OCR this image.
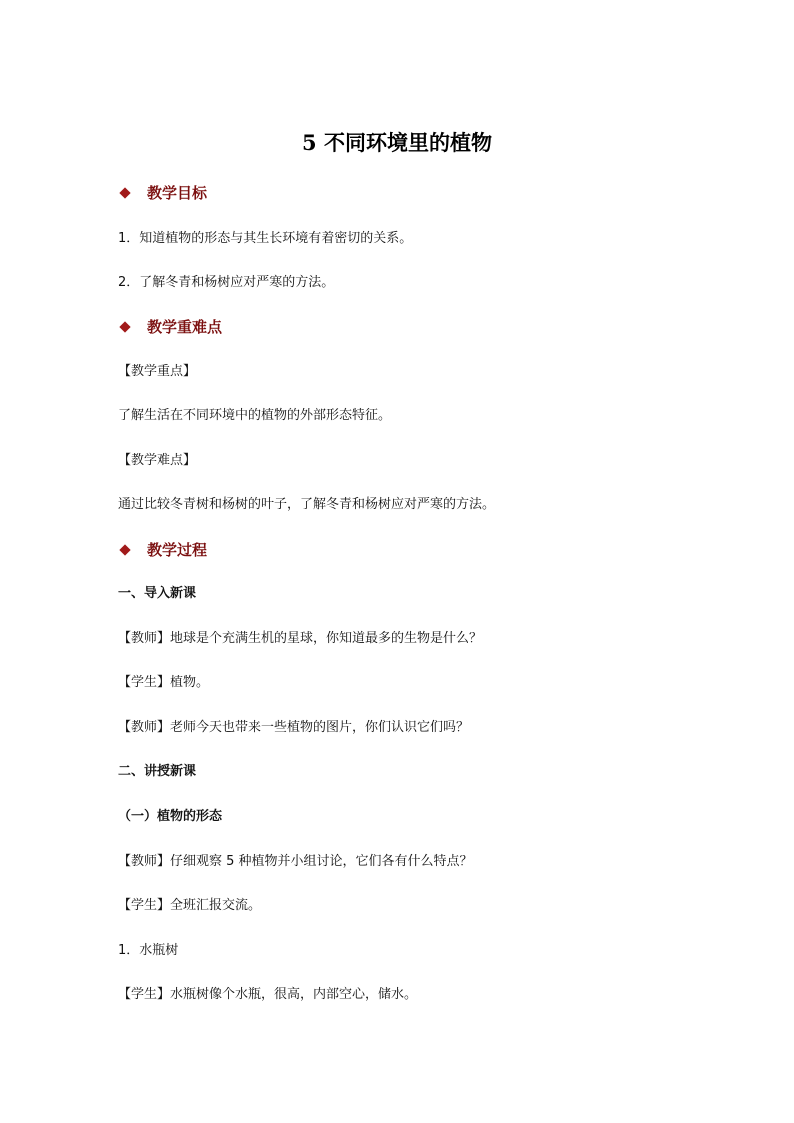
5 不同环境里的植物
教学目标
1．知道植物的形态与其生长环境有着密切的关系。
2．了解冬青和杨树应对严寒的方法。
教学重难点
【教学重点】
了解生活在不同环境中的植物的外部形态特征。
【教学难点】
通过比较冬青树和杨树的叶子，了解冬青和杨树应对严寒的方法。
教学过程
一、导入新课
【教师】地球是个充满生机的星球，你知道最多的生物是什么？
【学生】植物。
【教师】老师今天也带来一些植物的图片，你们认识它们吗？
二、讲授新课
（一）植物的形态
【教师】仔细观察 5 种植物并小组讨论，它们各有什么特点？
【学生】全班汇报交流。
1．水瓶树
【学生】水瓶树像个水瓶，很高，内部空心，储水。
